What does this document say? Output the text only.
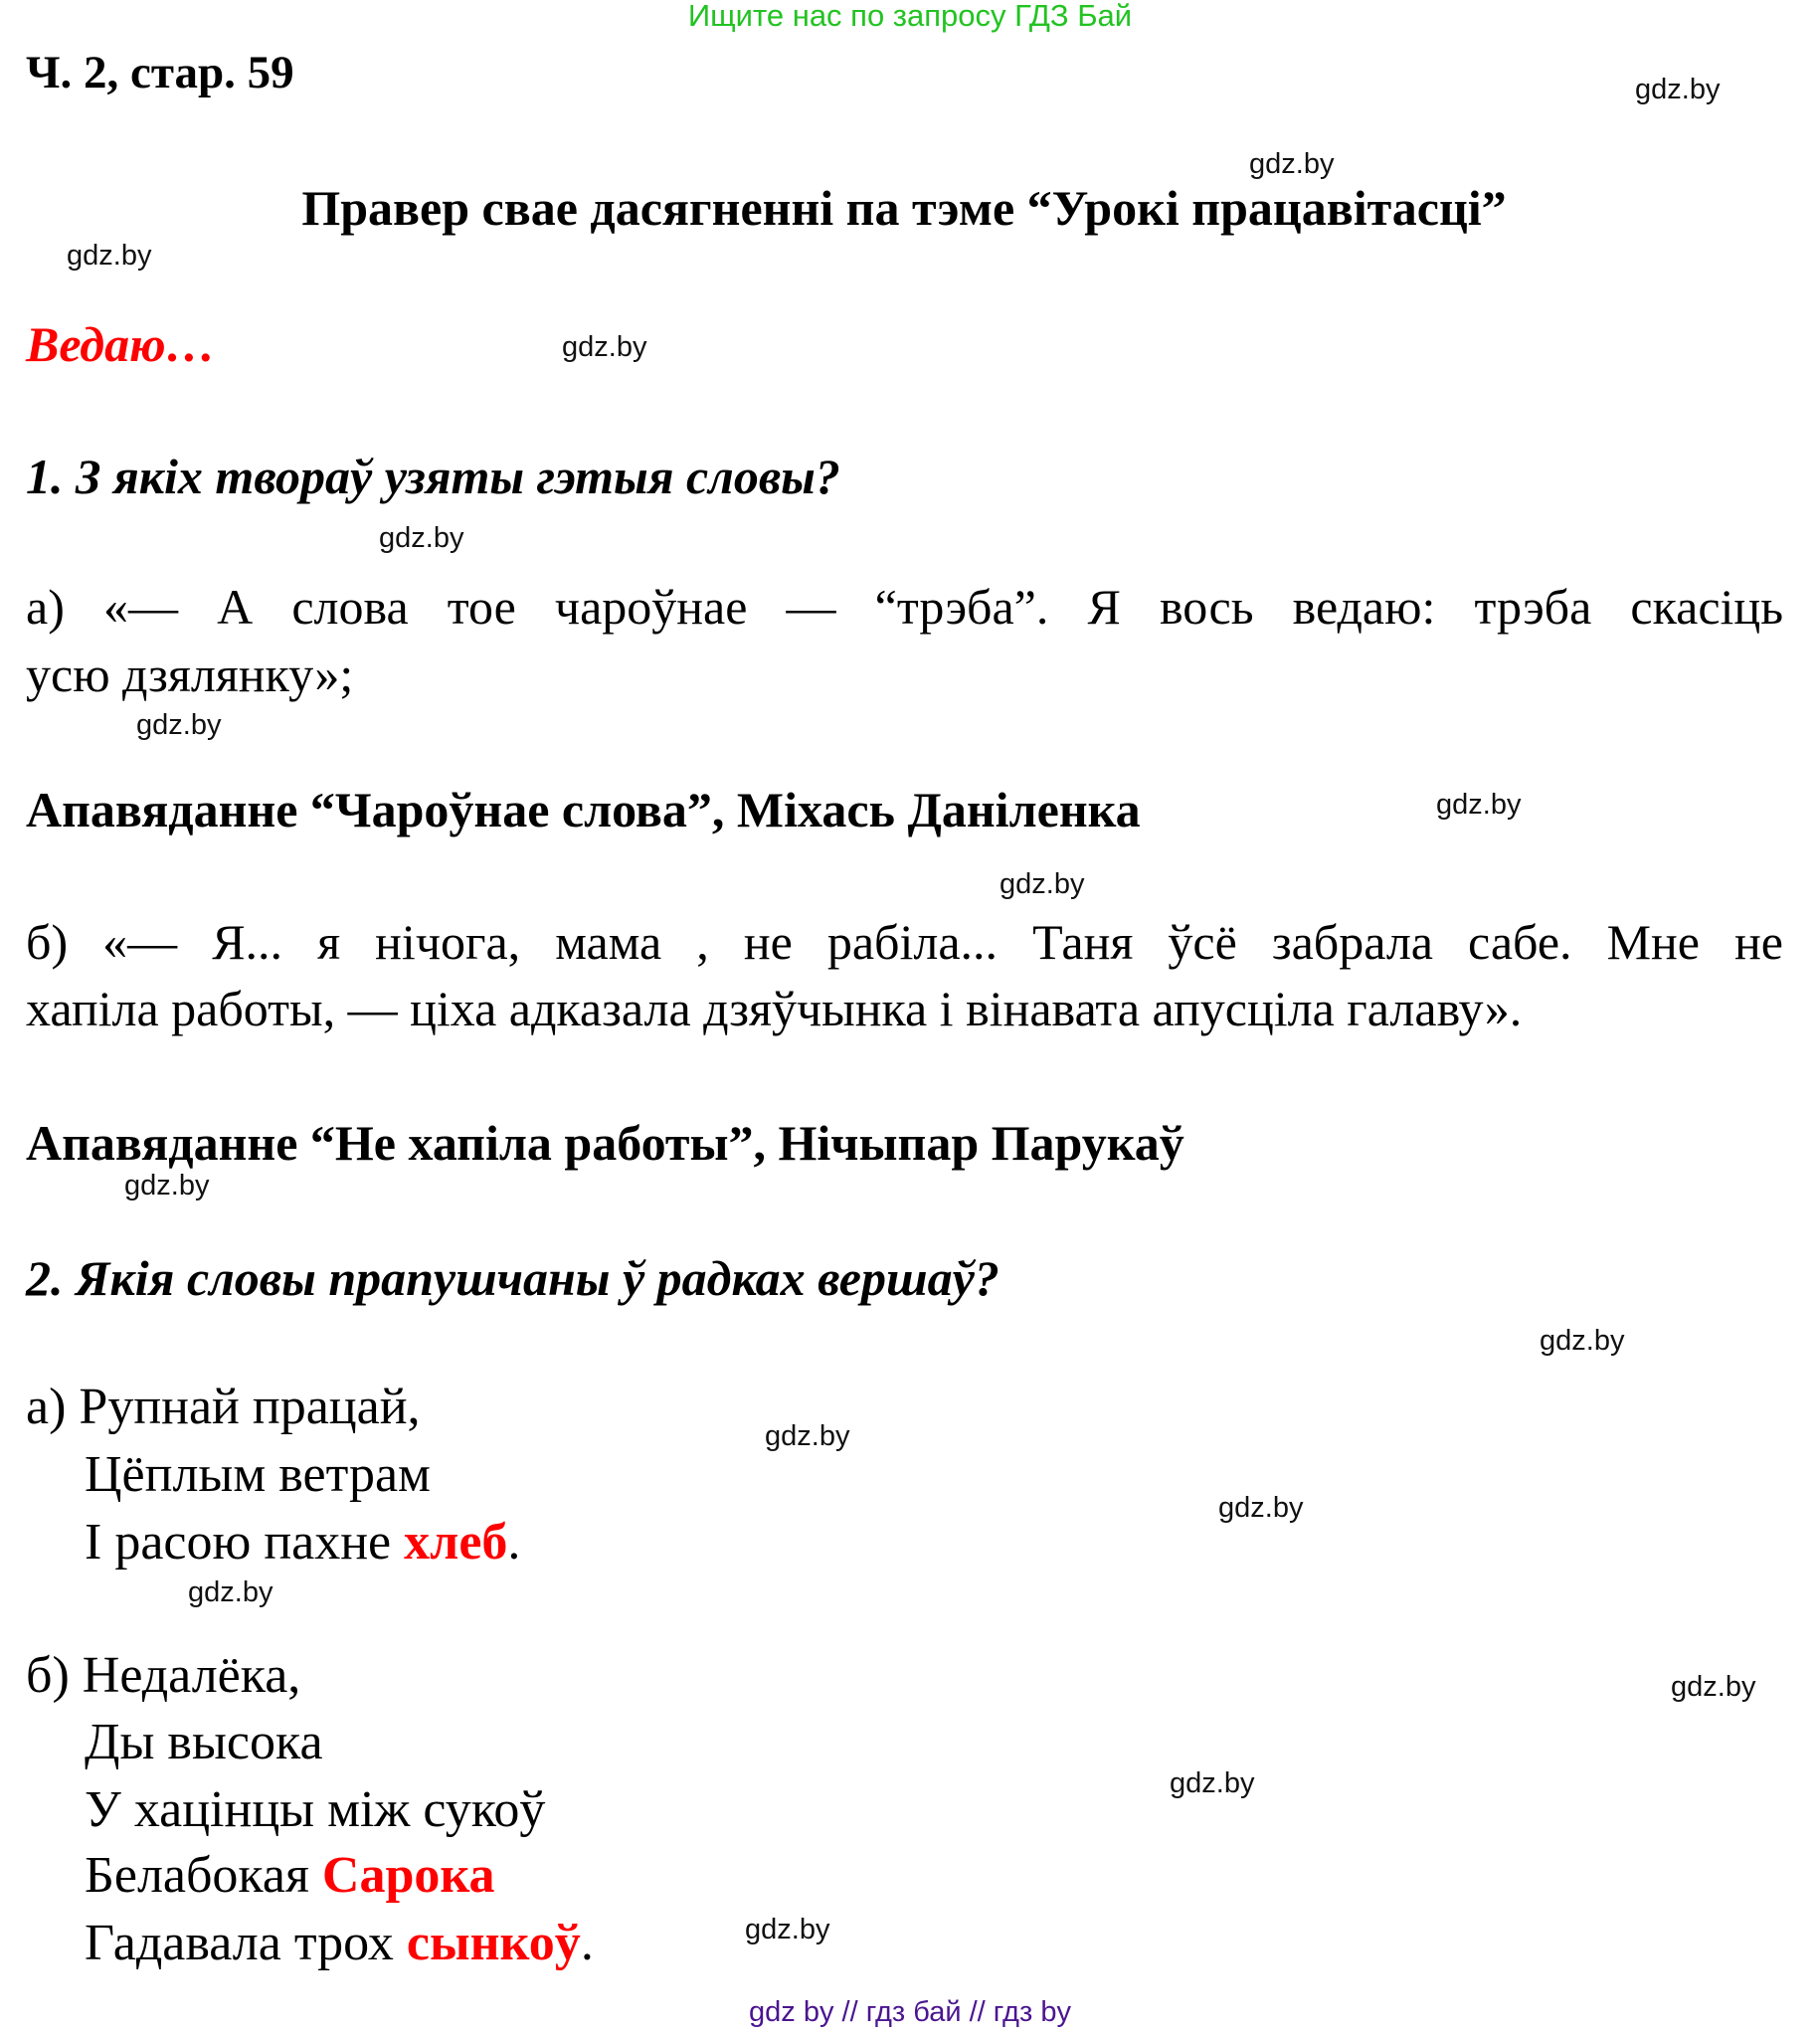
Ищите нас по запросу ГДЗ Бай
Ч. 2, стар. 59
Правер свае дасягненні па тэме “Урокі працавітасці”
Ведаю…
1. З якіх твораў узяты гэтыя словы?
а) «— А слова тое чароўнае — “трэба”. Я вось ведаю: трэба скасіць
усю дзялянку»;
Апавяданне “Чароўнае слова”, Міхась Даніленка
б) «— Я... я нічога, мама , не рабіла... Таня ўсё забрала сабе. Мне не
хапіла работы, — ціха адказала дзяўчынка і вінавата апусціла галаву».
Апавяданне “Не хапіла работы”, Нічыпар Парукаў
2. Якія словы прапушчаны ў радках вершаў?
а) Рупнай працай,
Цёплым ветрам
І расою пахне хлеб.
б) Недалёка,
Ды высока
У хацінцы між сукоў
Белабокая Сарока
Гадавала трох сынкоў.
gdz.by
gdz.by
gdz.by
gdz.by
gdz.by
gdz.by
gdz.by
gdz.by
gdz.by
gdz.by
gdz.by
gdz.by
gdz.by
gdz.by
gdz.by
gdz.by
gdz by // гдз бай // гдз by
